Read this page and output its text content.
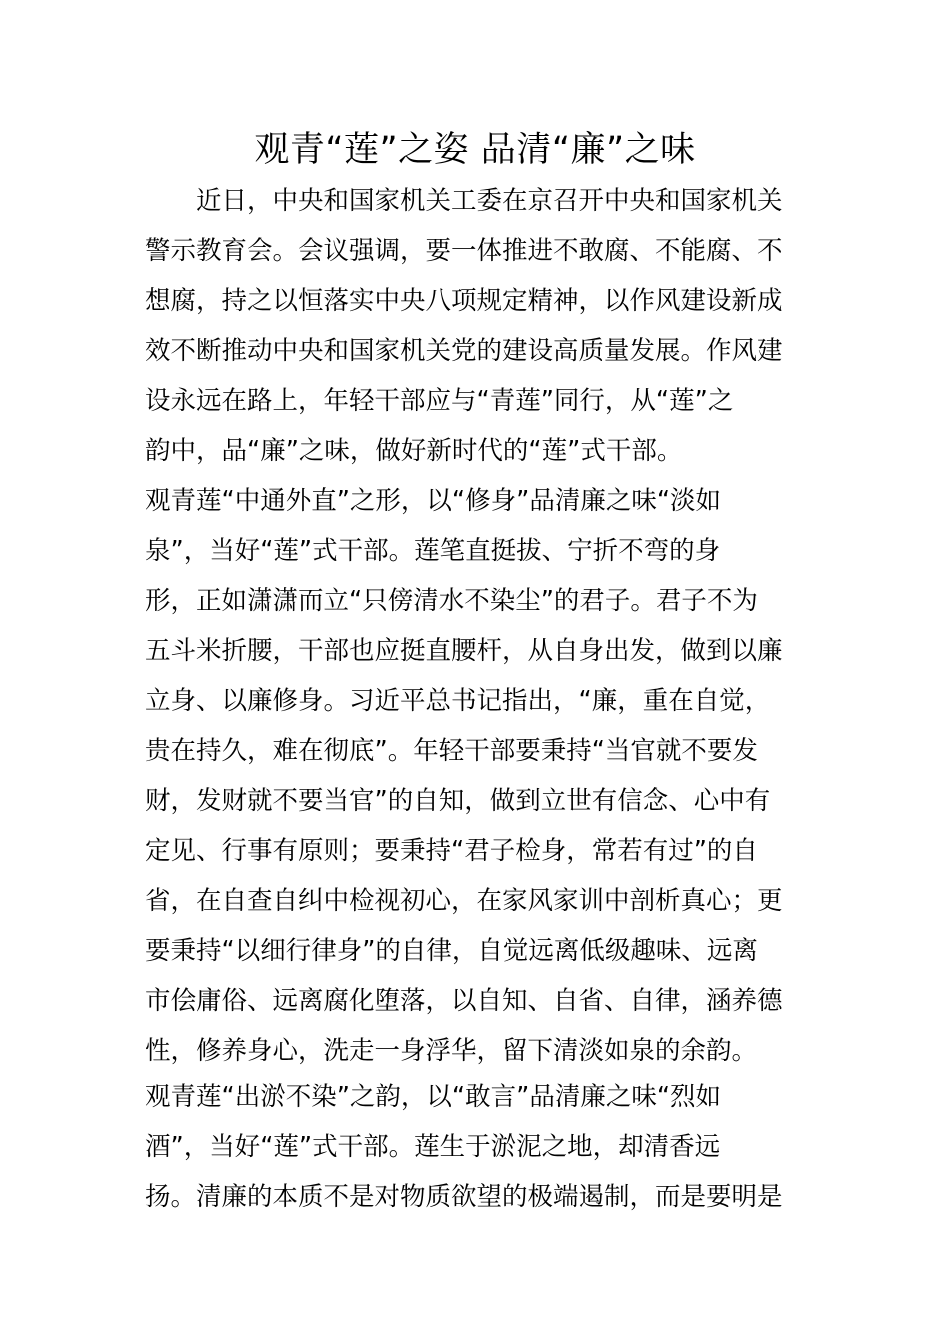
观青“莲”之姿 品清“廉”之味
　　近日，中央和国家机关工委在京召开中央和国家机关
警示教育会。会议强调，要一体推进不敢腐、不能腐、不
想腐，持之以恒落实中央八项规定精神，以作风建设新成
效不断推动中央和国家机关党的建设高质量发展。作风建
设永远在路上，年轻干部应与“青莲”同行，从“莲”之
韵中，品“廉”之味，做好新时代的“莲”式干部。
观青莲“中通外直”之形，以“修身”品清廉之味“淡如
泉”，当好“莲”式干部。莲笔直挺拔、宁折不弯的身
形，正如潇潇而立“只傍清水不染尘”的君子。君子不为
五斗米折腰，干部也应挺直腰杆，从自身出发，做到以廉
立身、以廉修身。习近平总书记指出，“廉，重在自觉，
贵在持久，难在彻底”。年轻干部要秉持“当官就不要发
财，发财就不要当官”的自知，做到立世有信念、心中有
定见、行事有原则；要秉持“君子检身，常若有过”的自
省，在自查自纠中检视初心，在家风家训中剖析真心；更
要秉持“以细行律身”的自律，自觉远离低级趣味、远离
市侩庸俗、远离腐化堕落，以自知、自省、自律，涵养德
性，修养身心，洗走一身浮华，留下清淡如泉的余韵。
观青莲“出淤不染”之韵，以“敢言”品清廉之味“烈如
酒”，当好“莲”式干部。莲生于淤泥之地，却清香远
扬。清廉的本质不是对物质欲望的极端遏制，而是要明是
